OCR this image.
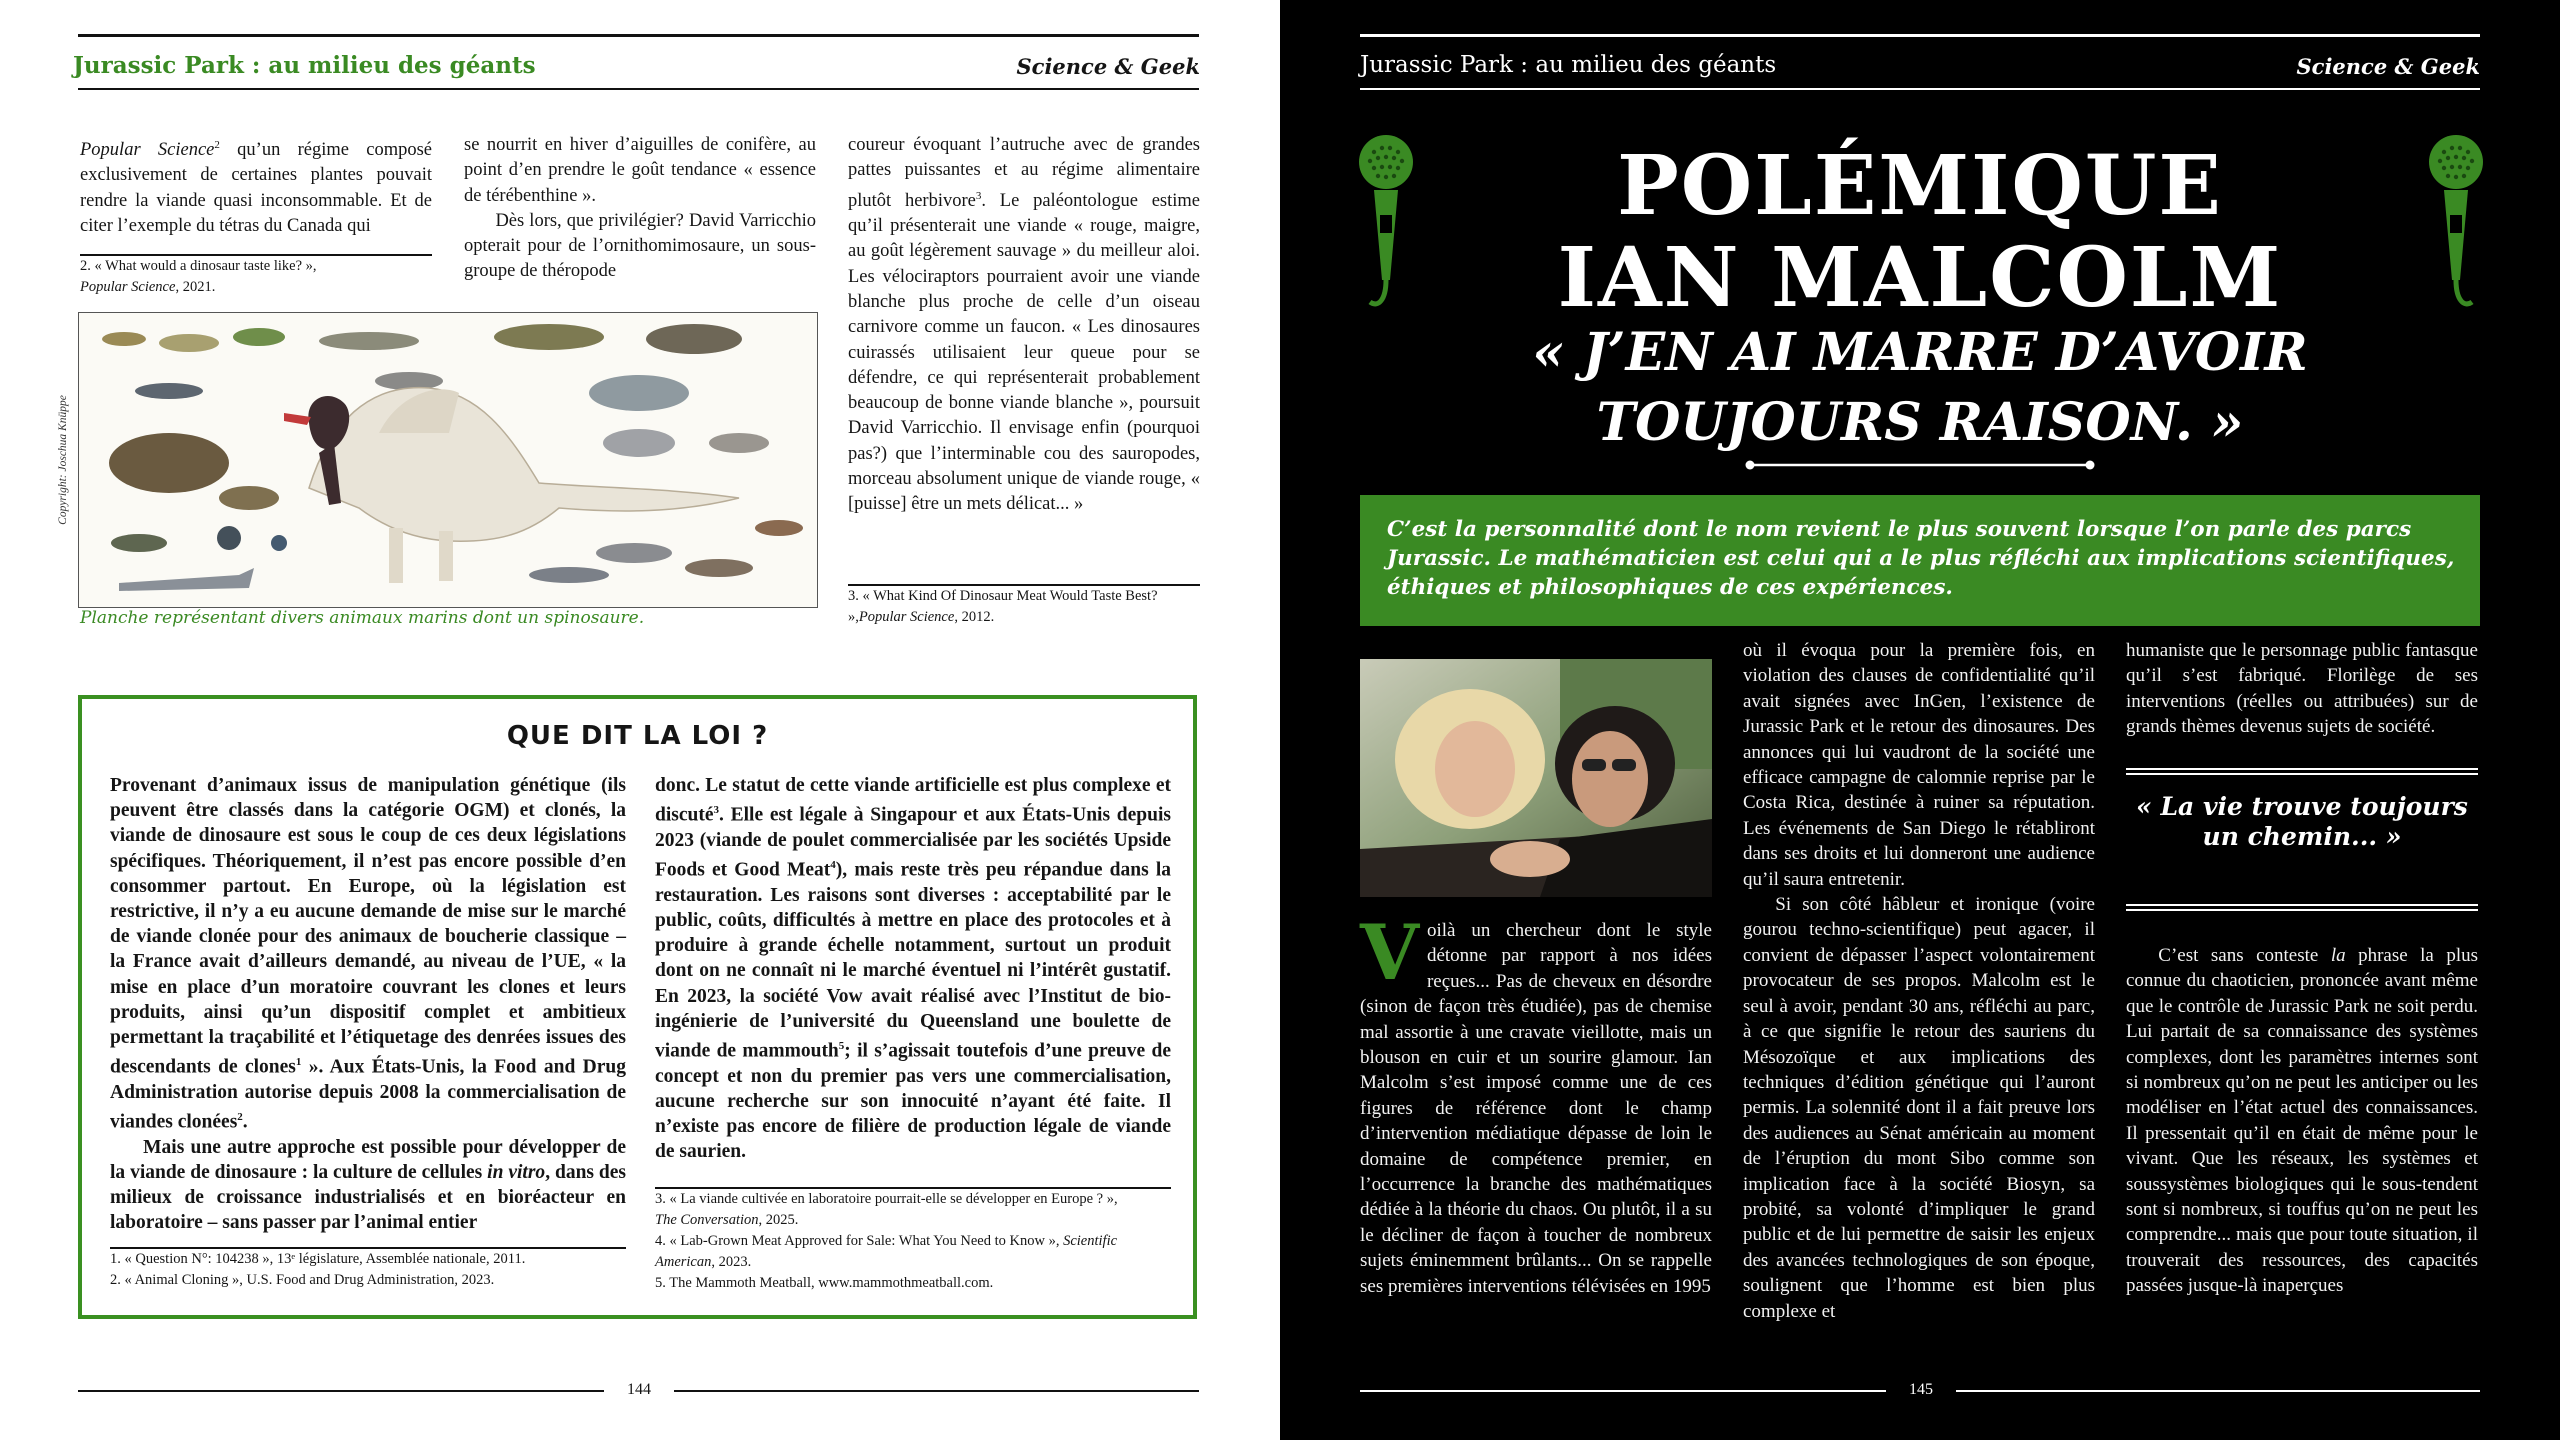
Jurassic Park : au milieu des géants	Science & Geek

Popular Science$^2$ qu’un régime composé exclusivement de certaines plantes pouvait rendre la viande quasi inconsommable. Et de citer l’exemple du tétras du Canada qui

2. « What would a dinosaur taste like? »,
Popular Science, 2021.

se nourrit en hiver d’aiguilles de conifère, au point d’en prendre le goût tendance « essence de térébenthine ».

Dès lors, que privilégier? David Varricchio opterait pour de l’ornithomimosaure, un sous-groupe de théropode

coureur évoquant l’autruche avec de grandes pattes puissantes et au régime alimentaire plutôt herbivore$^3$. Le paléontologue estime qu’il présenterait une viande « rouge, maigre, au goût légèrement sauvage » du meilleur aloi. Les vélociraptors pourraient avoir une viande blanche plus proche de celle d’un oiseau carnivore comme un faucon. « Les dinosaures cuirassés utilisaient leur queue pour se défendre, ce qui représenterait probablement beaucoup de bonne viande blanche », poursuit David Varricchio. Il envisage enfin (pourquoi pas?) que l’interminable cou des sauropodes, morceau absolument unique de viande rouge, « [puisse] être un mets délicat... »

3. « What Kind Of Dinosaur Meat Would Taste Best? »,Popular Science, 2012.
Copyright: Joschua Knüppe
Planche représentant divers animaux marins dont un spinosaure.
QUE DIT LA LOI ?

Provenant d’animaux issus de manipulation génétique (ils peuvent être classés dans la catégorie OGM) et clonés, la viande de dinosaure est sous le coup de ces deux législations spécifiques. Théoriquement, il n’est pas encore possible d’en consommer partout. En Europe, où la législation est restrictive, il n’y a eu aucune demande de mise sur le marché de viande clonée pour des animaux de boucherie classique – la France avait d’ailleurs demandé, au niveau de l’UE, « la mise en place d’un moratoire couvrant les clones et leurs produits, ainsi qu’un dispositif complet et ambitieux permettant la traçabilité et l’étiquetage des denrées issues des descendants de clones$^1$ ». Aux États-Unis, la Food and Drug Administration autorise depuis 2008 la commercialisation de viandes clonées$^2$.

Mais une autre approche est possible pour développer de la viande de dinosaure : la culture de cellules in vitro, dans des milieux de croissance industrialisés et en bioréacteur en laboratoire – sans passer par l’animal entier

donc. Le statut de cette viande artificielle est plus complexe et discuté$^3$. Elle est légale à Singapour et aux États-Unis depuis 2023 (viande de poulet commercialisée par les sociétés Upside Foods et Good Meat$^4$), mais reste très peu répandue dans la restauration. Les raisons sont diverses : acceptabilité par le public, coûts, difficultés à mettre en place des protocoles et à produire à grande échelle notamment, surtout un produit dont on ne connaît ni le marché éventuel ni l’intérêt gustatif. En 2023, la société Vow avait réalisé avec l’Institut de bio-ingénierie de l’université du Queensland une boulette de viande de mammouth$^5$; il s’agissait toutefois d’une preuve de concept et non du premier pas vers une commercialisation, aucune recherche sur son innocuité n’ayant été faite. Il n’existe pas encore de filière de production légale de viande de saurien.

1. « Question N°: 104238 », 13ᵉ législature, Assemblée nationale, 2011.
2. « Animal Cloning », U.S. Food and Drug Administration, 2023.
3. « La viande cultivée en laboratoire pourrait-elle se développer en Europe ? »,
The Conversation, 2025.
4. « Lab-Grown Meat Approved for Sale: What You Need to Know », Scientific American, 2023.
5. The Mammoth Meatball, www.mammothmeatball.com.
144
Jurassic Park : au milieu des géants	Science & Geek
POLÉMIQUE
IAN MALCOLM
« J’EN AI MARRE D’AVOIR
TOUJOURS RAISON. »
C’est la personnalité dont le nom revient le plus souvent lorsque l’on parle des parcs Jurassic. Le mathématicien est celui qui a le plus réfléchi aux implications scientifiques, éthiques et philosophiques de ces expériences.

Voilà un chercheur dont le style détonne par rapport à nos idées reçues... Pas de cheveux en désordre (sinon de façon très étudiée), pas de chemise mal assortie à une cravate vieillotte, mais un blouson en cuir et un sourire glamour. Ian Malcolm s’est imposé comme une de ces figures de référence dont le champ d’intervention médiatique dépasse de loin le domaine de compétence premier, en l’occurrence la branche des mathématiques dédiée à la théorie du chaos. Ou plutôt, il a su le décliner de façon à toucher de nombreux sujets éminemment brûlants... On se rappelle ses premières interventions télévisées en 1995

où il évoqua pour la première fois, en violation des clauses de confidentialité qu’il avait signées avec InGen, l’existence de Jurassic Park et le retour des dinosaures. Des annonces qui lui vaudront de la société une efficace campagne de calomnie reprise par le Costa Rica, destinée à ruiner sa réputation. Les événements de San Diego le rétabliront dans ses droits et lui donneront une audience qu’il saura entretenir.

Si son côté hâbleur et ironique (voire gourou techno-scientifique) peut agacer, il convient de dépasser l’aspect volontairement provocateur de ses propos. Malcolm est le seul à avoir, pendant 30 ans, réfléchi au parc, à ce que signifie le retour des sauriens du Mésozoïque et aux implications des techniques d’édition génétique qui l’auront permis. La solennité dont il a fait preuve lors des audiences au Sénat américain au moment de l’éruption du mont Sibo comme son implication face à la société Biosyn, sa probité, sa volonté d’impliquer le grand public et de lui permettre de saisir les enjeux des avancées technologiques de son époque, soulignent que l’homme est bien plus complexe et

humaniste que le personnage public fantasque qu’il s’est fabriqué. Florilège de ses interventions (réelles ou attribuées) sur de grands thèmes devenus sujets de société.

« La vie trouve toujours un chemin... »

C’est sans conteste la phrase la plus connue du chaoticien, prononcée avant même que le contrôle de Jurassic Park ne soit perdu. Lui partait de sa connaissance des systèmes complexes, dont les paramètres internes sont si nombreux qu’on ne peut les anticiper ou les modéliser en l’état actuel des connaissances. Il pressentait qu’il en était de même pour le vivant. Que les réseaux, les systèmes et soussystèmes biologiques qui le sous-tendent sont si nombreux, si touffus qu’on ne peut les comprendre... mais que pour toute situation, il trouverait des ressources, des capacités passées jusque-là inaperçues

145
